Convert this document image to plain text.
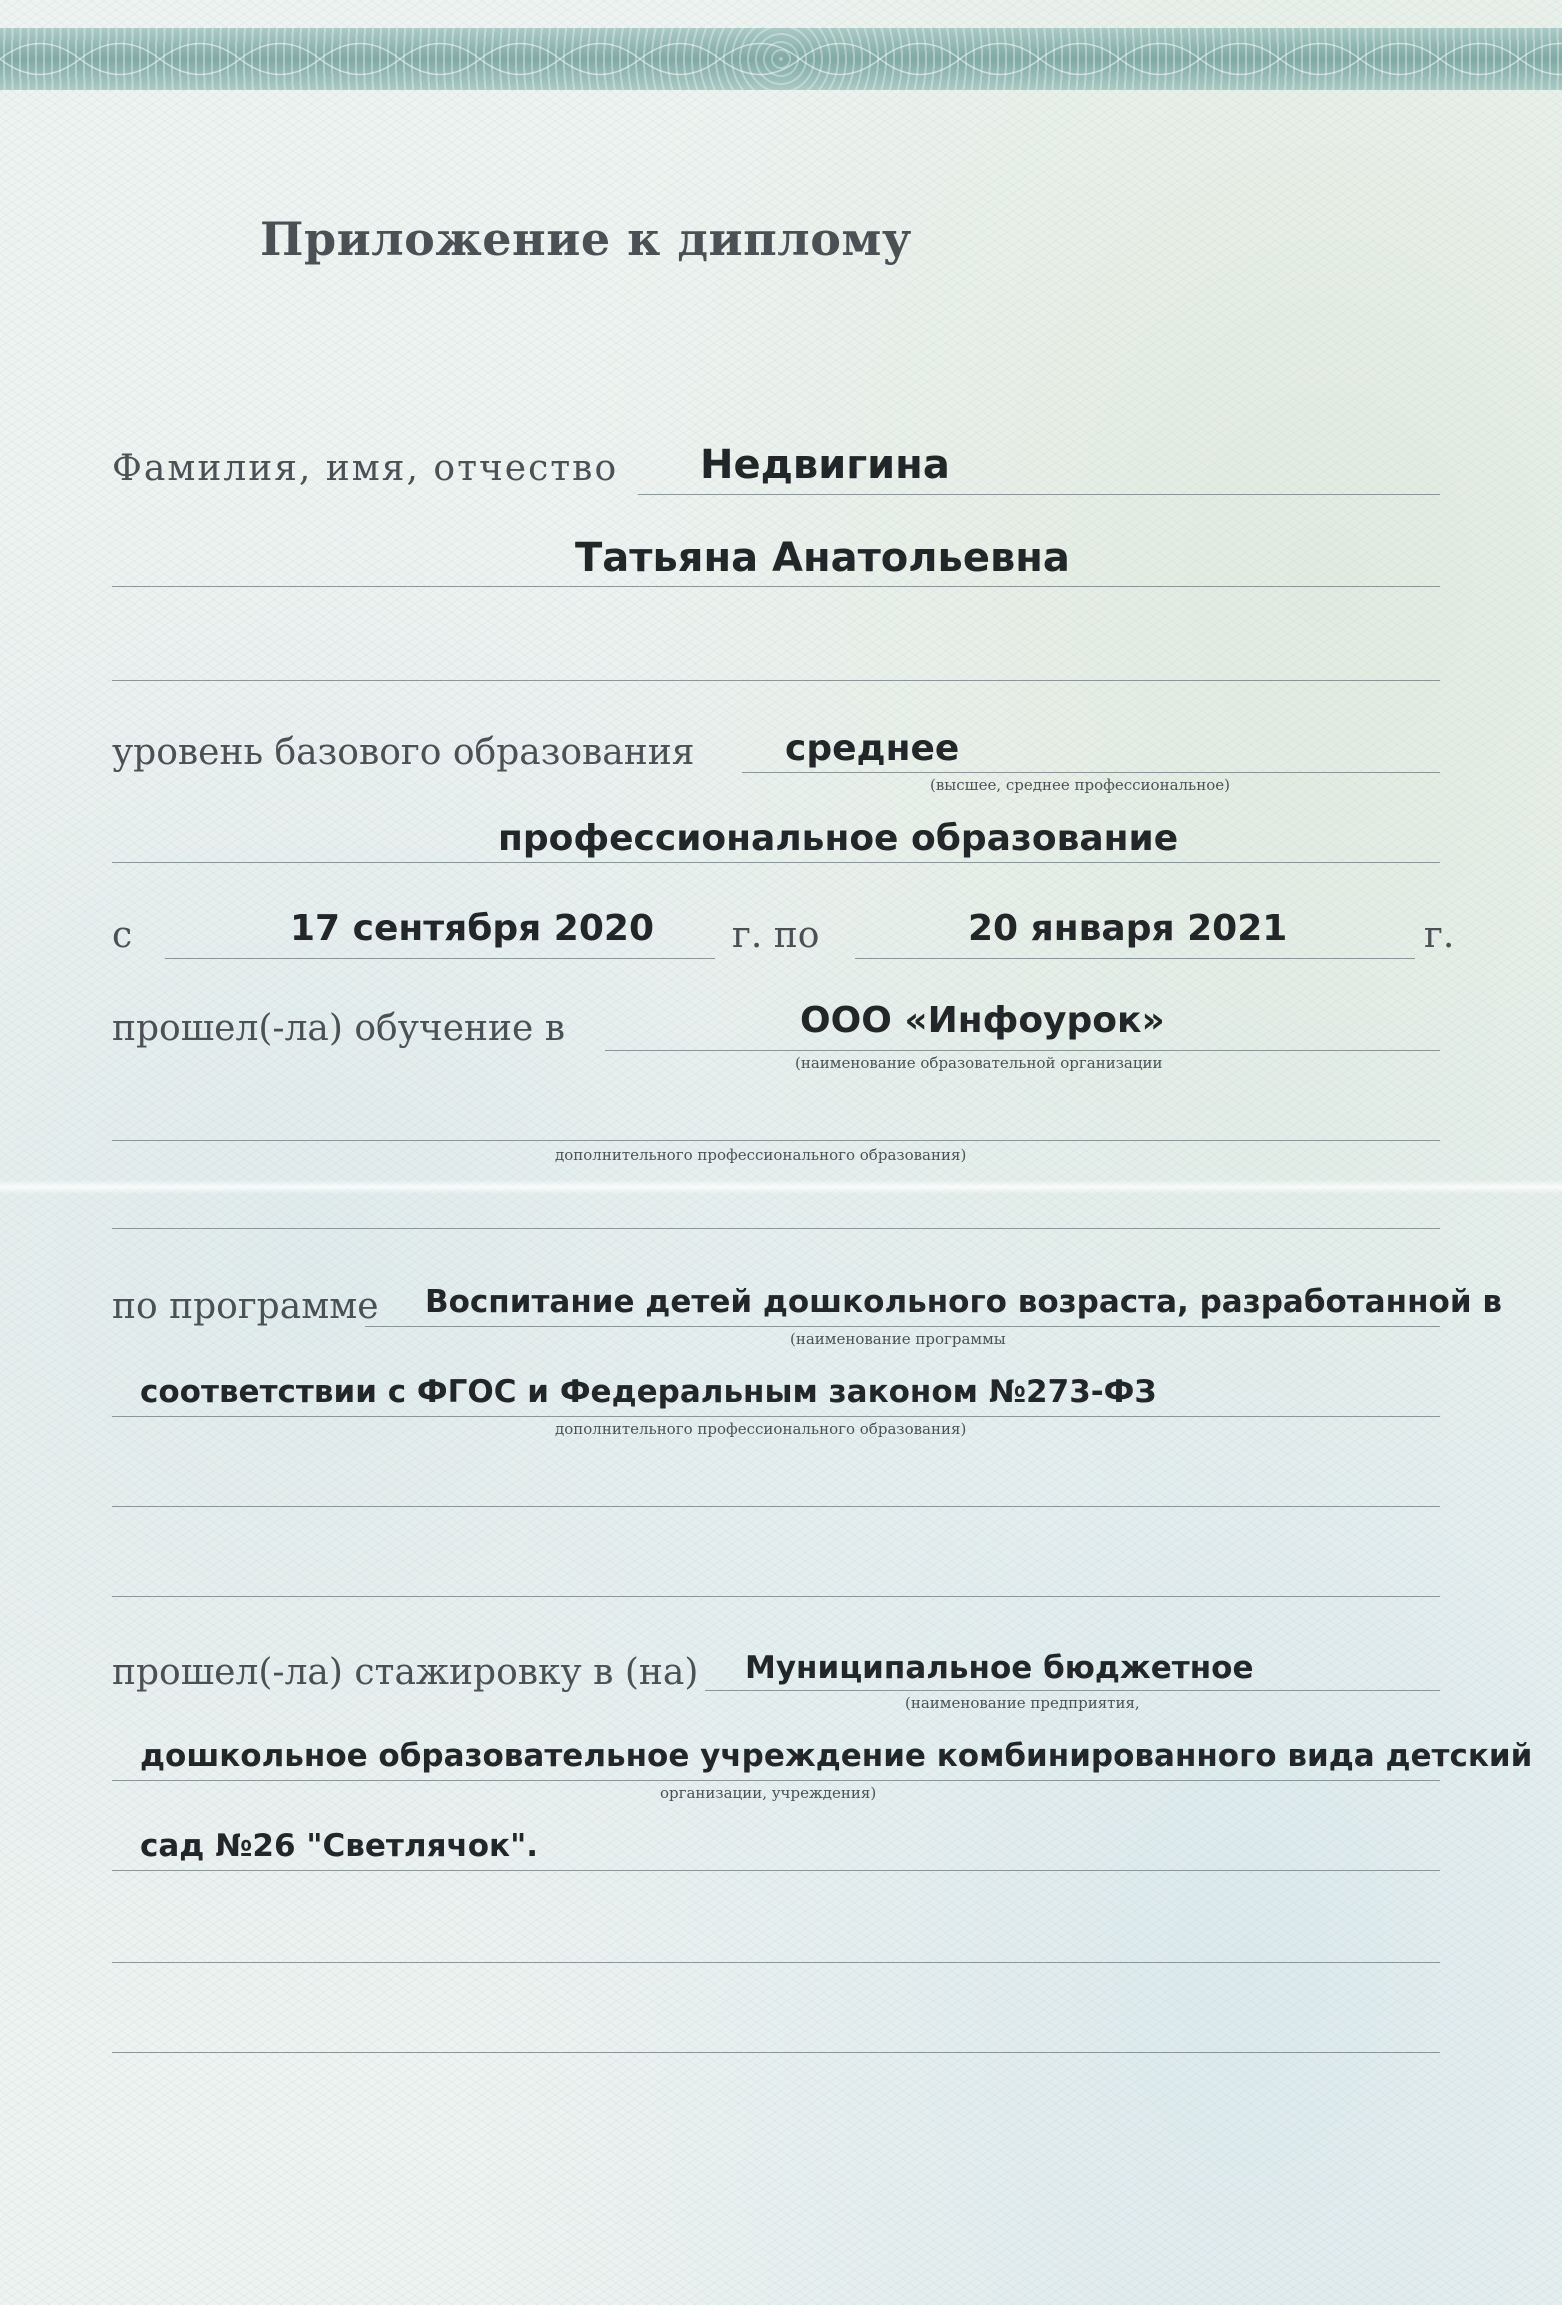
Приложение к диплому
Фамилия, имя, отчество Недвигина
Татьяна Анатольевна
уровень базового образования	среднее
(высшее, среднее профессиональное)
профессиональное образование
с	17 сентября 2020 г. по	20 января 2021	г.
прошел(-ла) обучение в	ООО «Инфоурок»
(наименование образовательной организации
дополнительного профессионального образования)
по программе Воспитание детей дошкольного возраста, разработанной в
(наименование программы
соответствии с ФГОС и Федеральным законом №273-ФЗ
дополнительного профессионального образования)
прошел(-ла) стажировку в (на) Муниципальное бюджетное
(наименование предприятия,
дошкольное образовательное учреждение комбинированного вида детский
организации, учреждения)
сад №26 "Светлячок".
